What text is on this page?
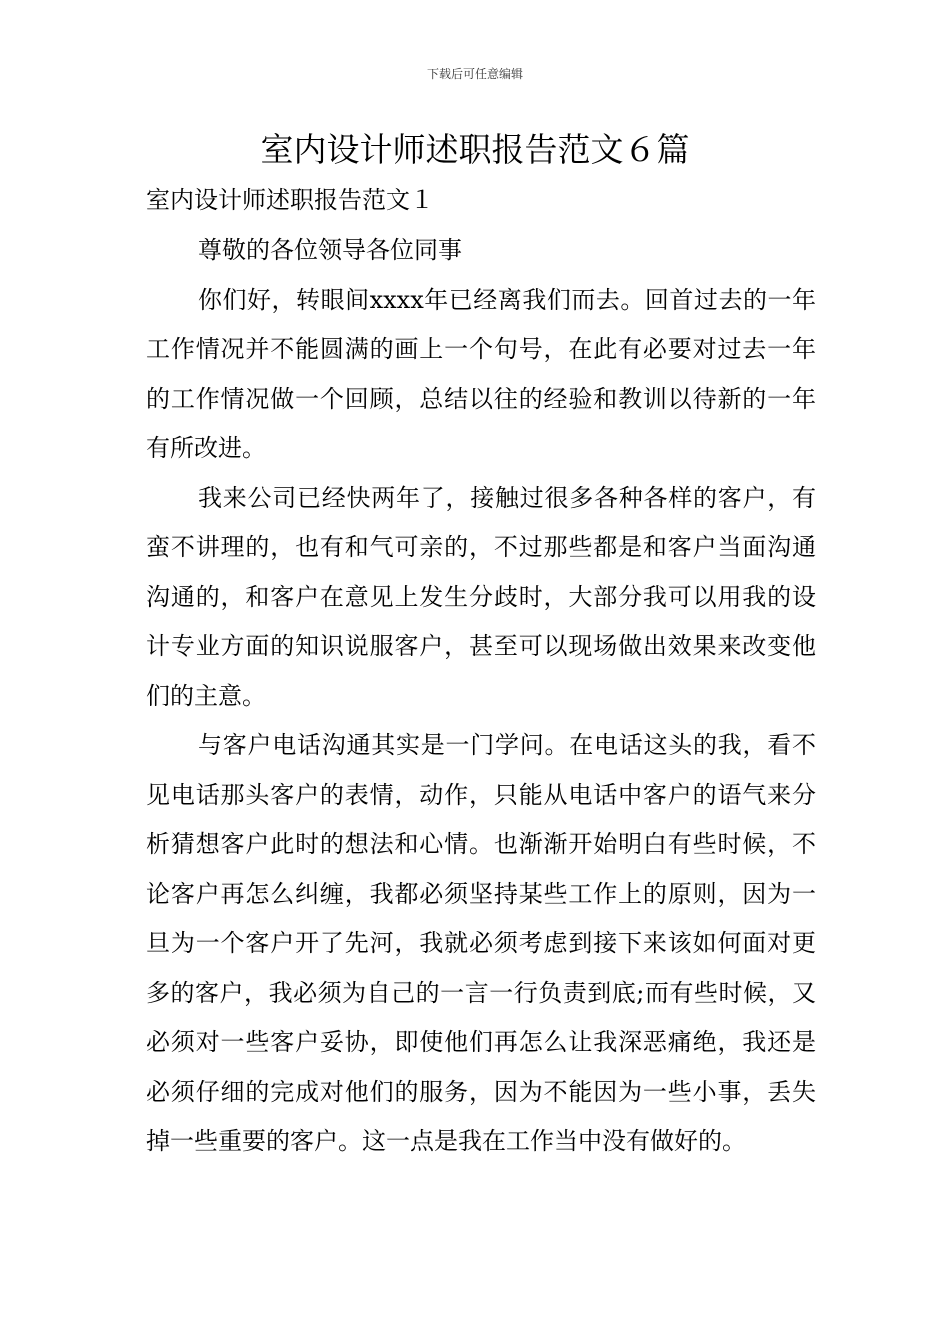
下载后可任意编辑
室内设计师述职报告范文６篇

室内设计师述职报告范文１

尊敬的各位领导各位同事

你们好，转眼间xxxx年已经离我们而去。回首过去的一年工作情况并不能圆满的画上一个句号，在此有必要对过去一年的工作情况做一个回顾，总结以往的经验和教训以待新的一年有所改进。

我来公司已经快两年了，接触过很多各种各样的客户，有蛮不讲理的，也有和气可亲的，不过那些都是和客户当面沟通沟通的，和客户在意见上发生分歧时，大部分我可以用我的设计专业方面的知识说服客户，甚至可以现场做出效果来改变他们的主意。

与客户电话沟通其实是一门学问。在电话这头的我，看不见电话那头客户的表情，动作，只能从电话中客户的语气来分析猜想客户此时的想法和心情。也渐渐开始明白有些时候，不论客户再怎么纠缠，我都必须坚持某些工作上的原则，因为一旦为一个客户开了先河，我就必须考虑到接下来该如何面对更多的客户，我必须为自己的一言一行负责到底;而有些时候，又必须对一些客户妥协，即使他们再怎么让我深恶痛绝，我还是必须仔细的完成对他们的服务，因为不能因为一些小事，丢失掉一些重要的客户。这一点是我在工作当中没有做好的。
